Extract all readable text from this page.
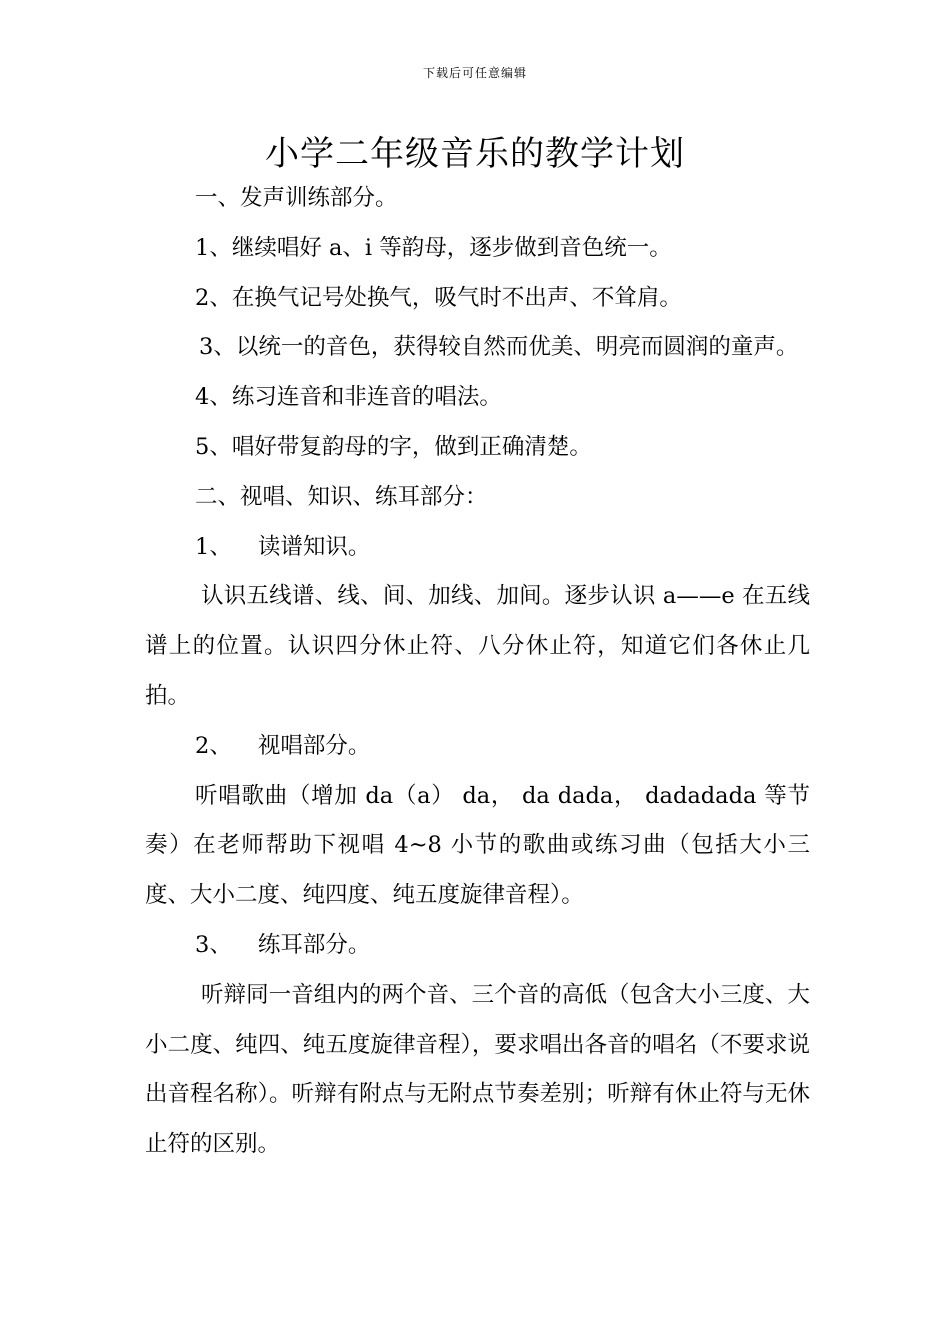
下载后可任意编辑
小学二年级音乐的教学计划

一、发声训练部分。

1、继续唱好 a、i 等韵母，逐步做到音色统一。

2、在换气记号处换气，吸气时不出声、不耸肩。

3、以统一的音色，获得较自然而优美、明亮而圆润的童声。

4、练习连音和非连音的唱法。

5、唱好带复韵母的字，做到正确清楚。

二、视唱、知识、练耳部分：

1、 读谱知识。

认识五线谱、线、间、加线、加间。逐步认识 a——e 在五线谱上的位置。认识四分休止符、八分休止符，知道它们各休止几拍。

2、 视唱部分。

听唱歌曲（增加 da（a） da， da dada， dadadada 等节奏）在老师帮助下视唱 4~8 小节的歌曲或练习曲（包括大小三度、大小二度、纯四度、纯五度旋律音程）。

3、 练耳部分。

听辩同一音组内的两个音、三个音的高低（包含大小三度、大小二度、纯四、纯五度旋律音程），要求唱出各音的唱名（不要求说出音程名称）。听辩有附点与无附点节奏差别；听辩有休止符与无休止符的区别。
